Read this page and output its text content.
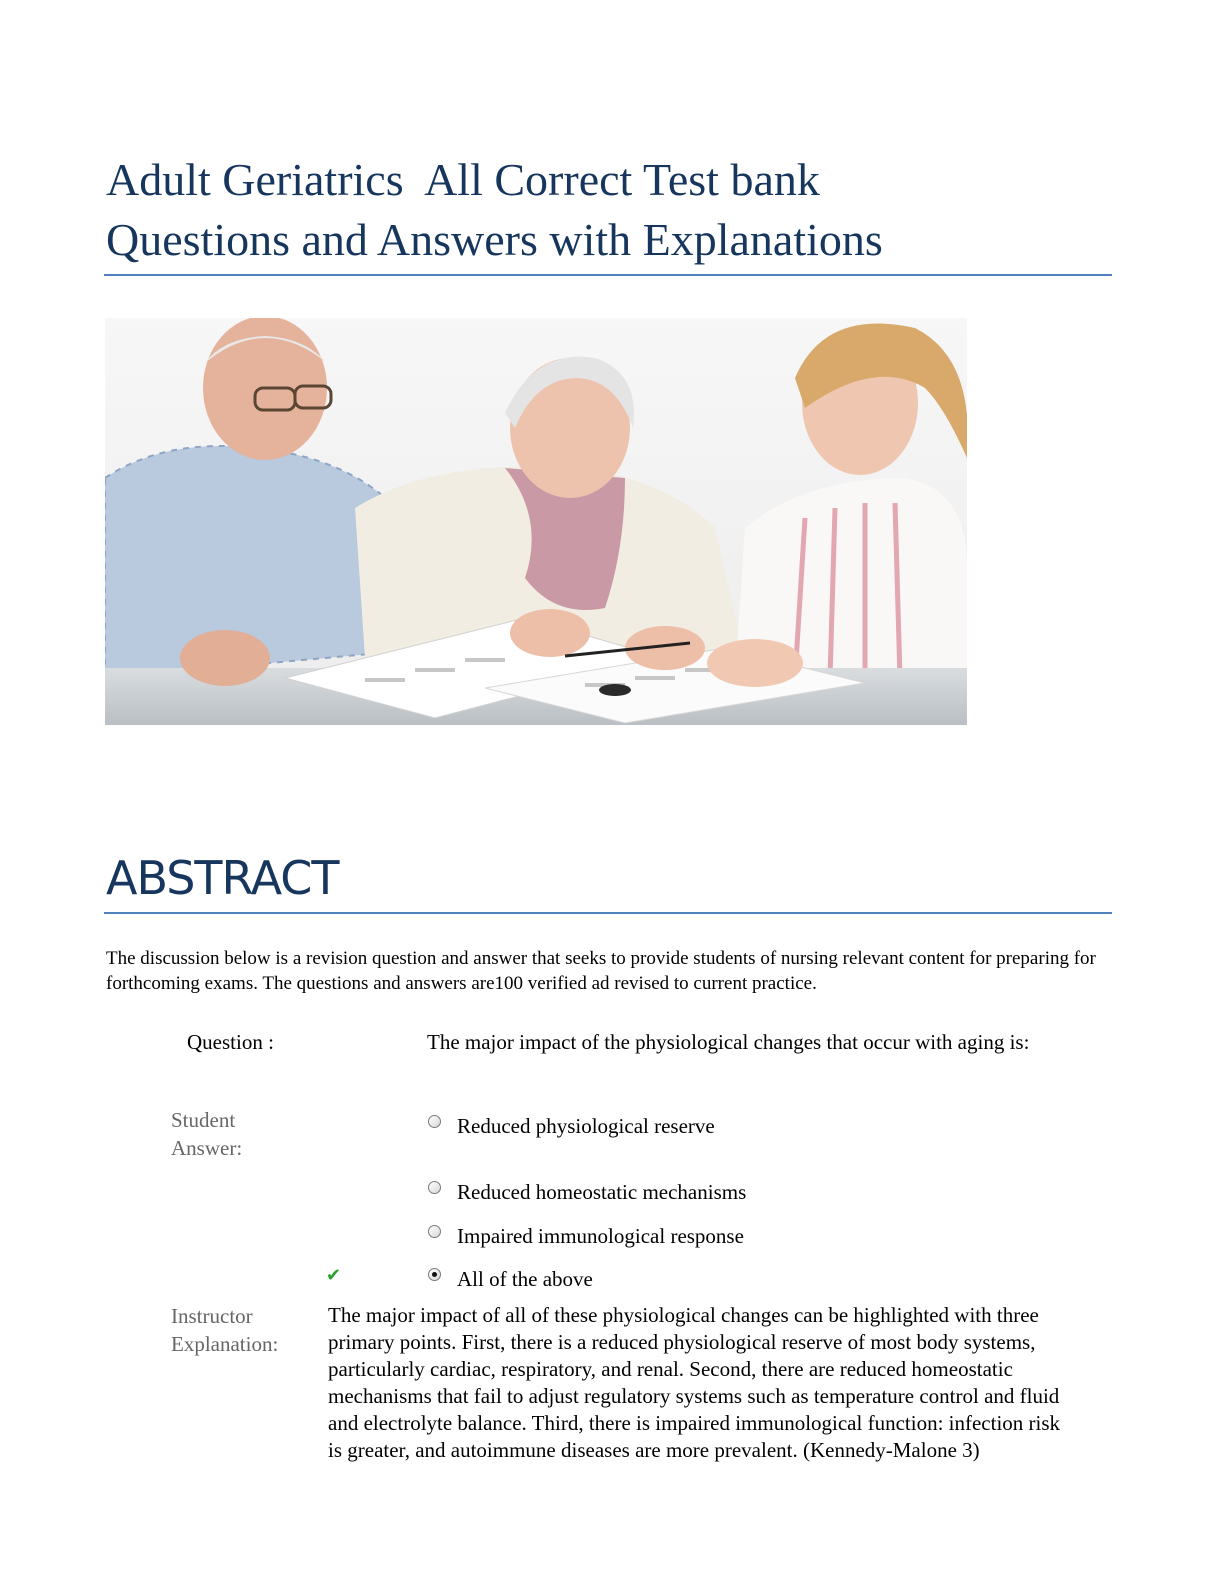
Adult Geriatrics  All Correct Test bank
Questions and Answers with Explanations
ABSTRACT

The discussion below is a revision question and answer that seeks to provide students of nursing relevant content for preparing for forthcoming exams. The questions and answers are100 verified ad revised to current practice.

Question :	The major impact of the physiological changes that occur with aging is:
Student Answer:
Reduced physiological reserve
Reduced homeostatic mechanisms
Impaired immunological response
All of the above
✔
Instructor Explanation:

The major impact of all of these physiological changes can be highlighted with three primary points. First, there is a reduced physiological reserve of most body systems, particularly cardiac, respiratory, and renal. Second, there are reduced homeostatic mechanisms that fail to adjust regulatory systems such as temperature control and fluid and electrolyte balance. Third, there is impaired immunological function: infection risk is greater, and autoimmune diseases are more prevalent. (Kennedy-Malone 3)
